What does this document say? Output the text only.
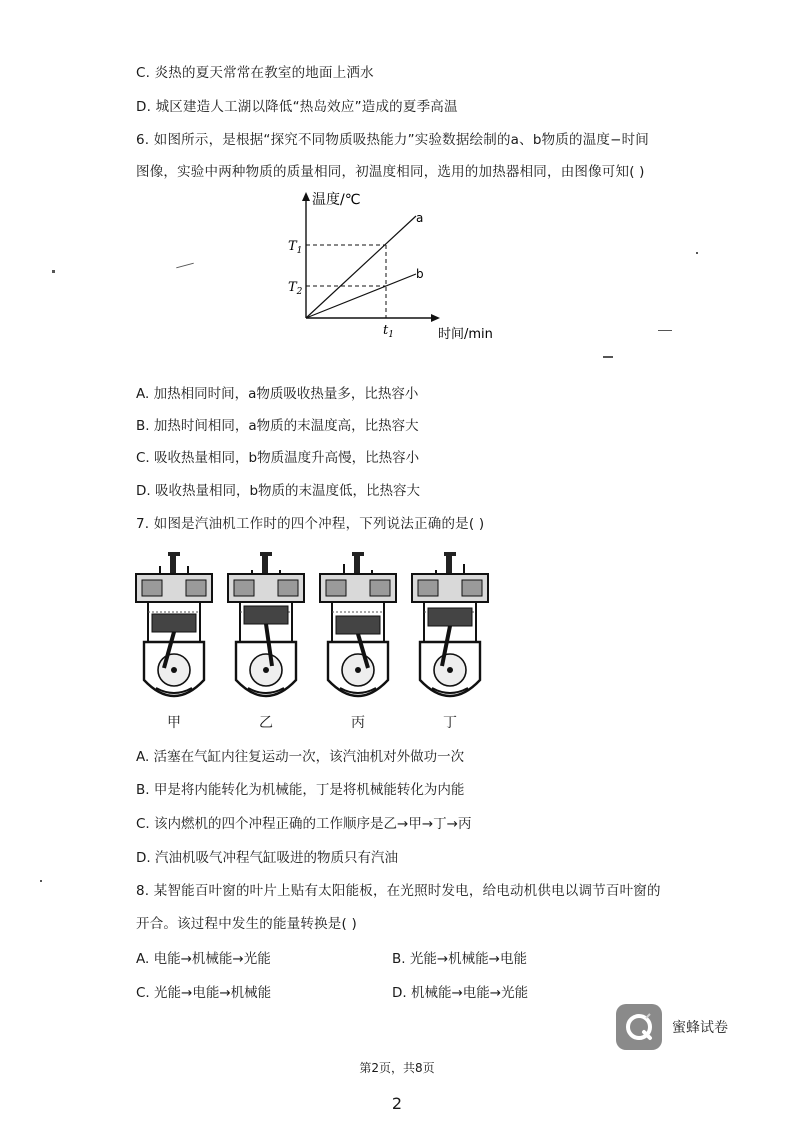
C. 炎热的夏天常常在教室的地面上洒水
D. 城区建造人工湖以降低“热岛效应”造成的夏季高温
6. 如图所示，是根据“探究不同物质吸热能力”实验数据绘制的a、b物质的温度−时间
图像，实验中两种物质的质量相同，初温度相同，选用的加热器相同，由图像可知( )
温度/℃
时间/min
$T_1$
$T_2$
$t_1$
a
b
A. 加热相同时间，a物质吸收热量多，比热容小
B. 加热时间相同，a物质的末温度高，比热容大
C. 吸收热量相同，b物质温度升高慢，比热容小
D. 吸收热量相同，b物质的末温度低，比热容大
7. 如图是汽油机工作时的四个冲程，下列说法正确的是( )
甲	乙	丙	丁
A. 活塞在气缸内往复运动一次，该汽油机对外做功一次
B. 甲是将内能转化为机械能，丁是将机械能转化为内能
C. 该内燃机的四个冲程正确的工作顺序是乙→甲→丁→丙
D. 汽油机吸气冲程气缸吸进的物质只有汽油
8. 某智能百叶窗的叶片上贴有太阳能板，在光照时发电，给电动机供电以调节百叶窗的
开合。该过程中发生的能量转换是( )
A. 电能→机械能→光能	B. 光能→机械能→电能
C. 光能→电能→机械能	D. 机械能→电能→光能
蜜蜂试卷
第2页，共8页
2
